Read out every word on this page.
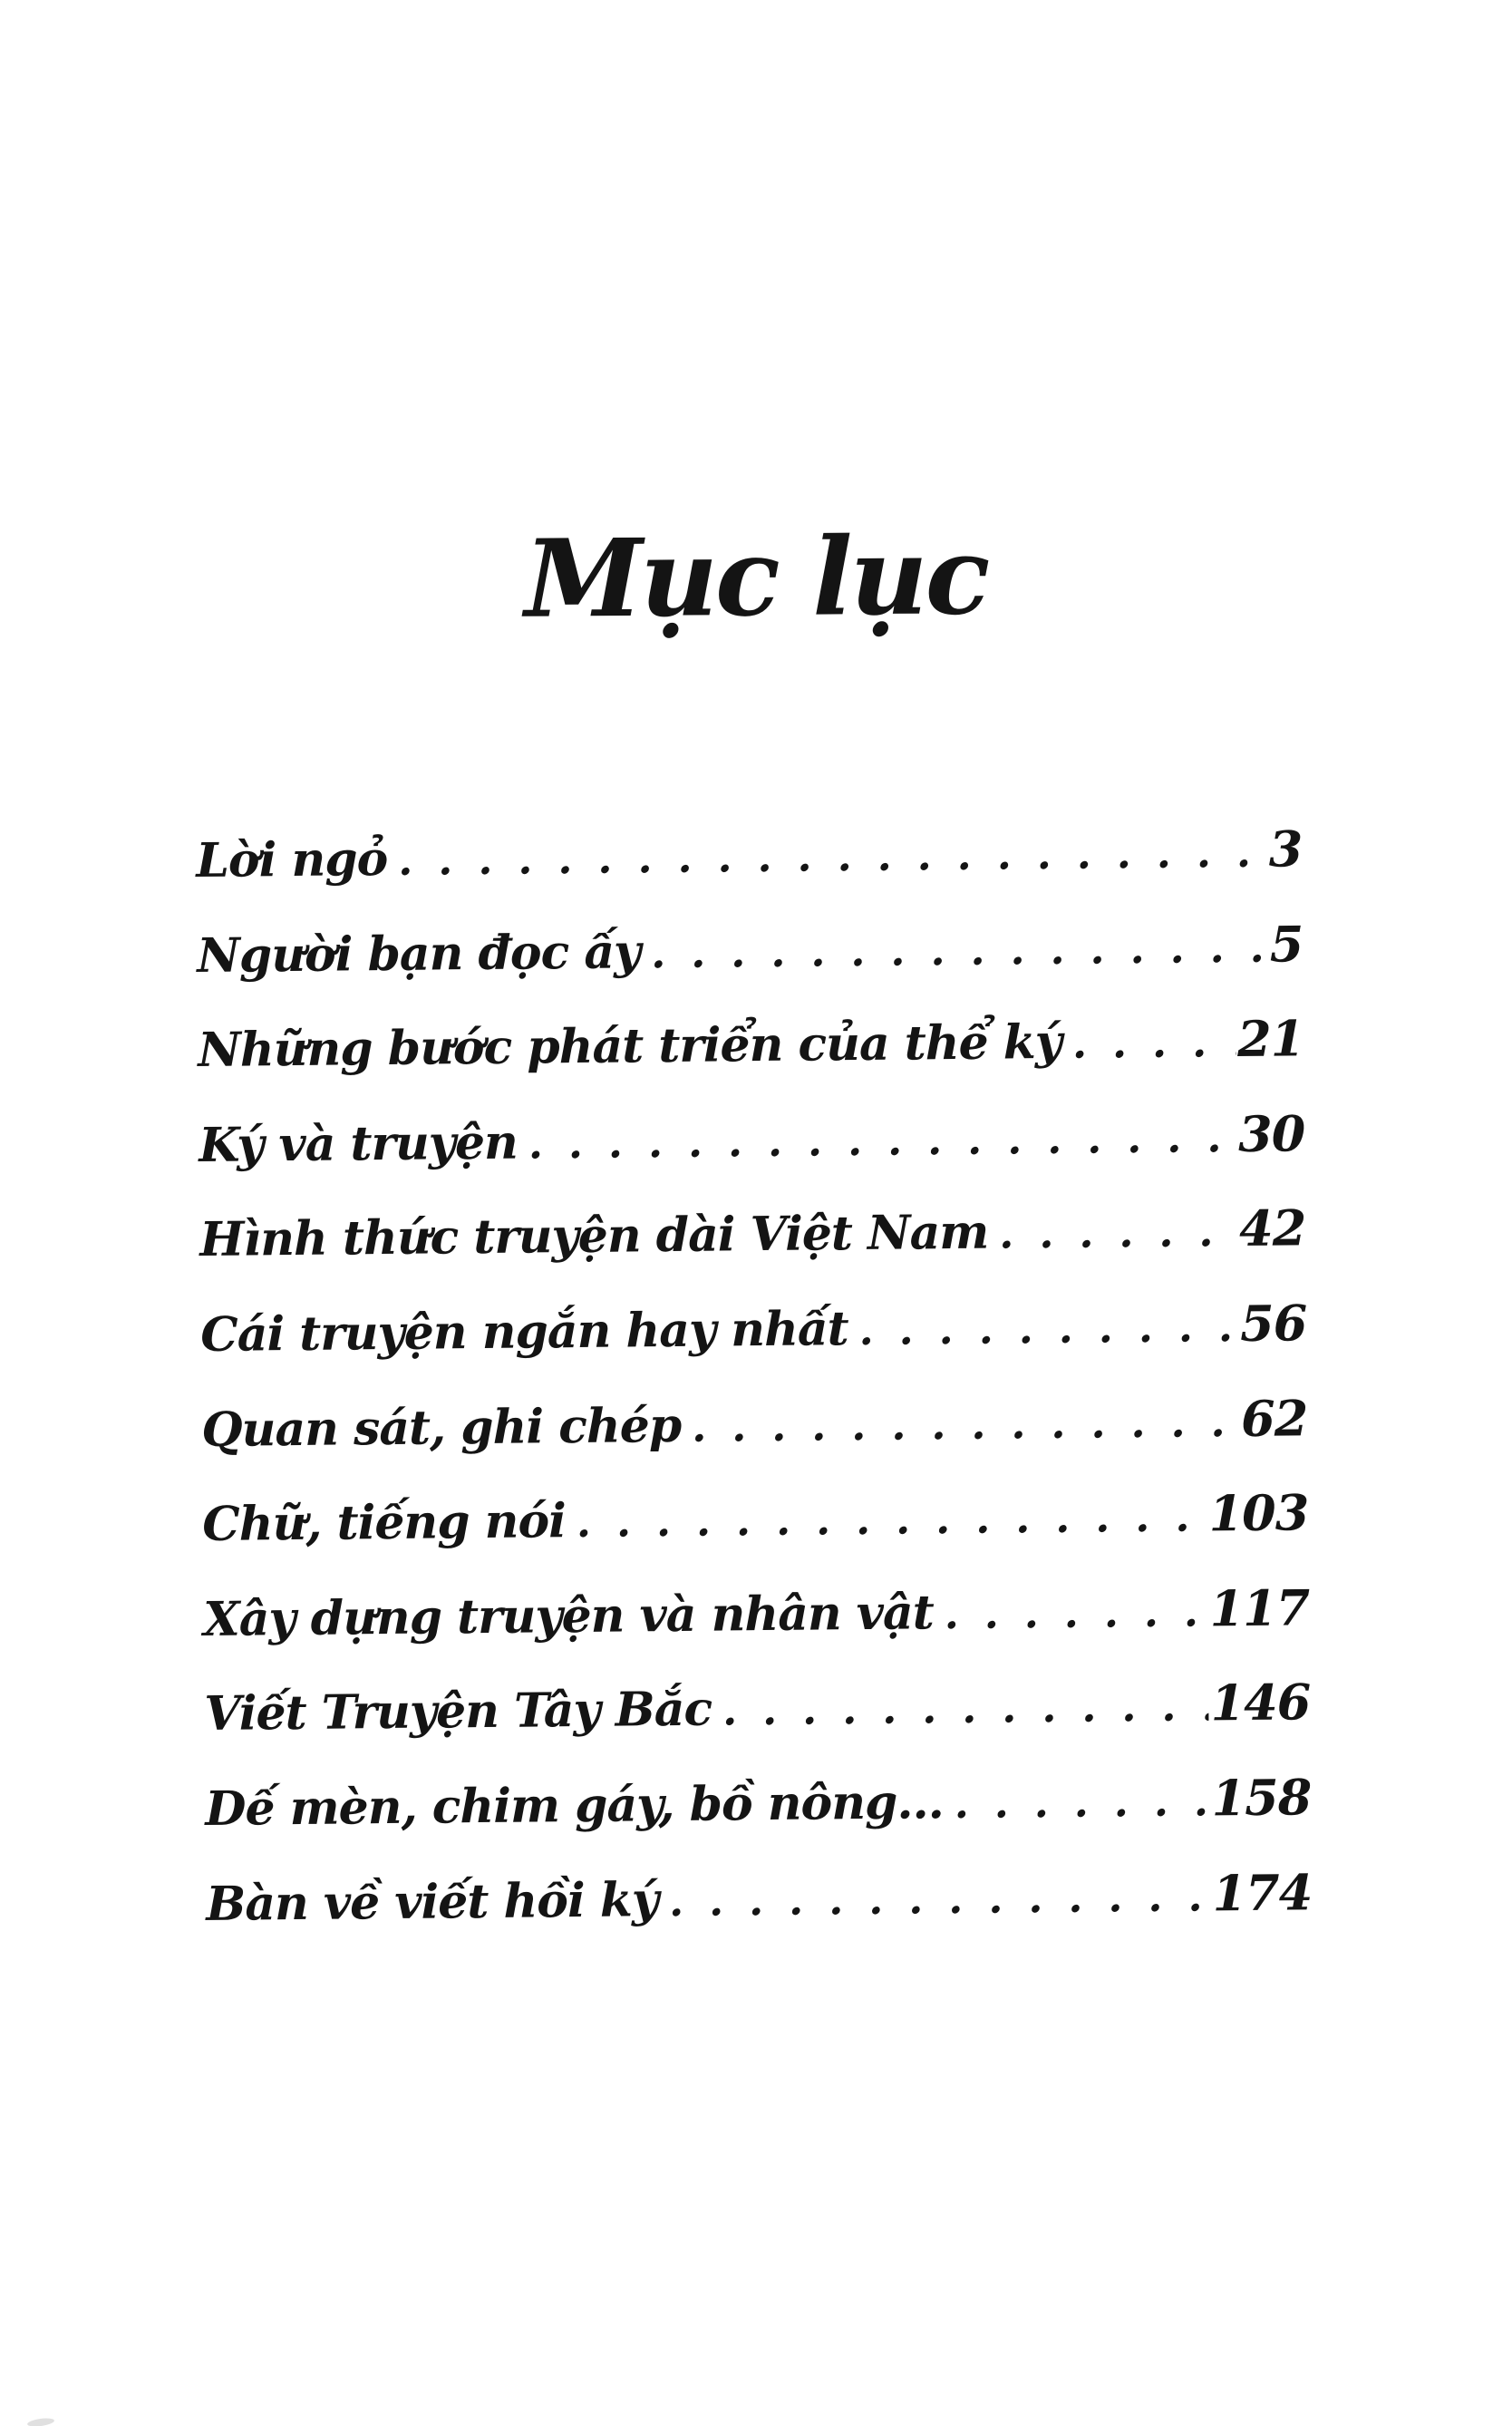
Mục lục
Lời ngỏ . . .	3
Người bạn đọc ấy . . .	5
Những bước phát triển của thể ký . . .	21
Ký và truyện . . .	30
Hình thức truyện dài Việt Nam . . .	42
Cái truyện ngắn hay nhất . . .	56
Quan sát, ghi chép . . .	62
Chữ, tiếng nói . . .	103
Xây dựng truyện và nhân vật . . .	117
Viết Truyện Tây Bắc . . .	146
Dế mèn, chim gáy, bồ nông... . . .	158
Bàn về viết hồi ký . . .	174
